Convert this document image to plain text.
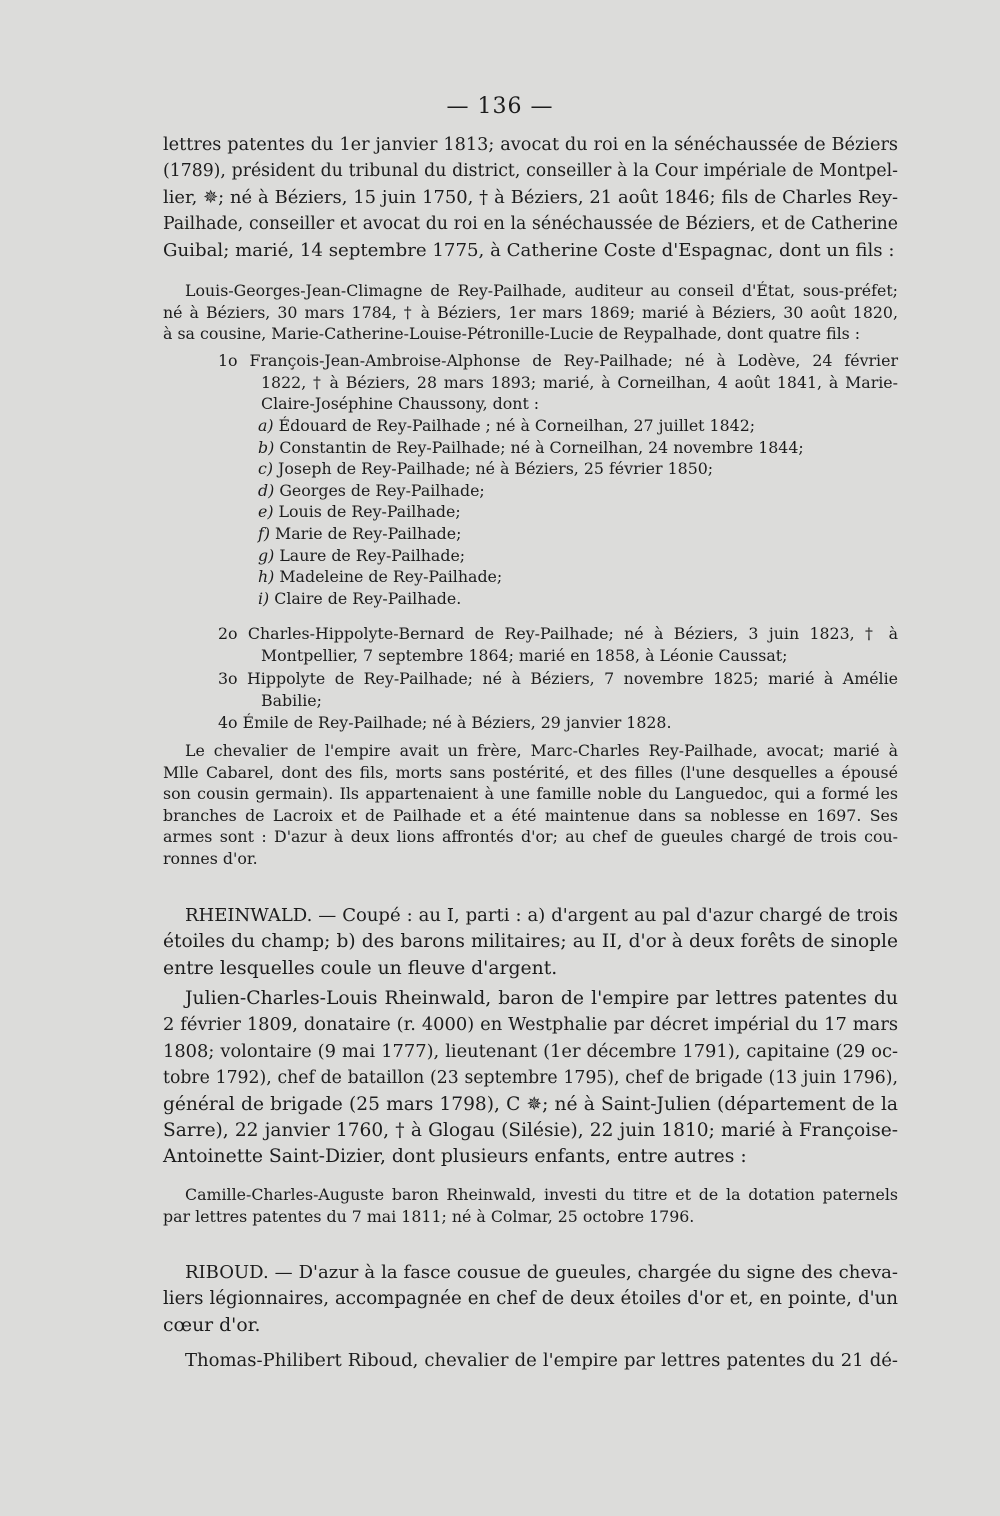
— 136 —
lettres patentes du 1er janvier 1813; avocat du roi en la sénéchaussée de Béziers
(1789), président du tribunal du district, conseiller à la Cour impériale de Montpel-
lier, ✵; né à Béziers, 15 juin 1750, † à Béziers, 21 août 1846; fils de Charles Rey-
Pailhade, conseiller et avocat du roi en la sénéchaussée de Béziers, et de Catherine
Guibal; marié, 14 septembre 1775, à Catherine Coste d'Espagnac, dont un fils :
Louis-Georges-Jean-Climagne de Rey-Pailhade, auditeur au conseil d'État, sous-préfet;
né à Béziers, 30 mars 1784, † à Béziers, 1er mars 1869; marié à Béziers, 30 août 1820,
à sa cousine, Marie-Catherine-Louise-Pétronille-Lucie de Reypalhade, dont quatre fils :
1o François-Jean-Ambroise-Alphonse de Rey-Pailhade; né à Lodève, 24 février
1822, † à Béziers, 28 mars 1893; marié, à Corneilhan, 4 août 1841, à Marie-
Claire-Joséphine Chaussony, dont :
a) Édouard de Rey-Pailhade ; né à Corneilhan, 27 juillet 1842;
b) Constantin de Rey-Pailhade; né à Corneilhan, 24 novembre 1844;
c) Joseph de Rey-Pailhade; né à Béziers, 25 février 1850;
d) Georges de Rey-Pailhade;
e) Louis de Rey-Pailhade;
f) Marie de Rey-Pailhade;
g) Laure de Rey-Pailhade;
h) Madeleine de Rey-Pailhade;
i) Claire de Rey-Pailhade.
2o Charles-Hippolyte-Bernard de Rey-Pailhade; né à Béziers, 3 juin 1823, † à
Montpellier, 7 septembre 1864; marié en 1858, à Léonie Caussat;
3o Hippolyte de Rey-Pailhade; né à Béziers, 7 novembre 1825; marié à Amélie
Babilie;
4o Émile de Rey-Pailhade; né à Béziers, 29 janvier 1828.
Le chevalier de l'empire avait un frère, Marc-Charles Rey-Pailhade, avocat; marié à
Mlle Cabarel, dont des fils, morts sans postérité, et des filles (l'une desquelles a épousé
son cousin germain). Ils appartenaient à une famille noble du Languedoc, qui a formé les
branches de Lacroix et de Pailhade et a été maintenue dans sa noblesse en 1697. Ses
armes sont : D'azur à deux lions affrontés d'or; au chef de gueules chargé de trois cou-
ronnes d'or.
RHEINWALD. — Coupé : au I, parti : a) d'argent au pal d'azur chargé de trois
étoiles du champ; b) des barons militaires; au II, d'or à deux forêts de sinople
entre lesquelles coule un fleuve d'argent.
Julien-Charles-Louis Rheinwald, baron de l'empire par lettres patentes du
2 février 1809, donataire (r. 4000) en Westphalie par décret impérial du 17 mars
1808; volontaire (9 mai 1777), lieutenant (1er décembre 1791), capitaine (29 oc-
tobre 1792), chef de bataillon (23 septembre 1795), chef de brigade (13 juin 1796),
général de brigade (25 mars 1798), C ✵; né à Saint-Julien (département de la
Sarre), 22 janvier 1760, † à Glogau (Silésie), 22 juin 1810; marié à Françoise-
Antoinette Saint-Dizier, dont plusieurs enfants, entre autres :
Camille-Charles-Auguste baron Rheinwald, investi du titre et de la dotation paternels
par lettres patentes du 7 mai 1811; né à Colmar, 25 octobre 1796.
RIBOUD. — D'azur à la fasce cousue de gueules, chargée du signe des cheva-
liers légionnaires, accompagnée en chef de deux étoiles d'or et, en pointe, d'un
cœur d'or.
Thomas-Philibert Riboud, chevalier de l'empire par lettres patentes du 21 dé-
